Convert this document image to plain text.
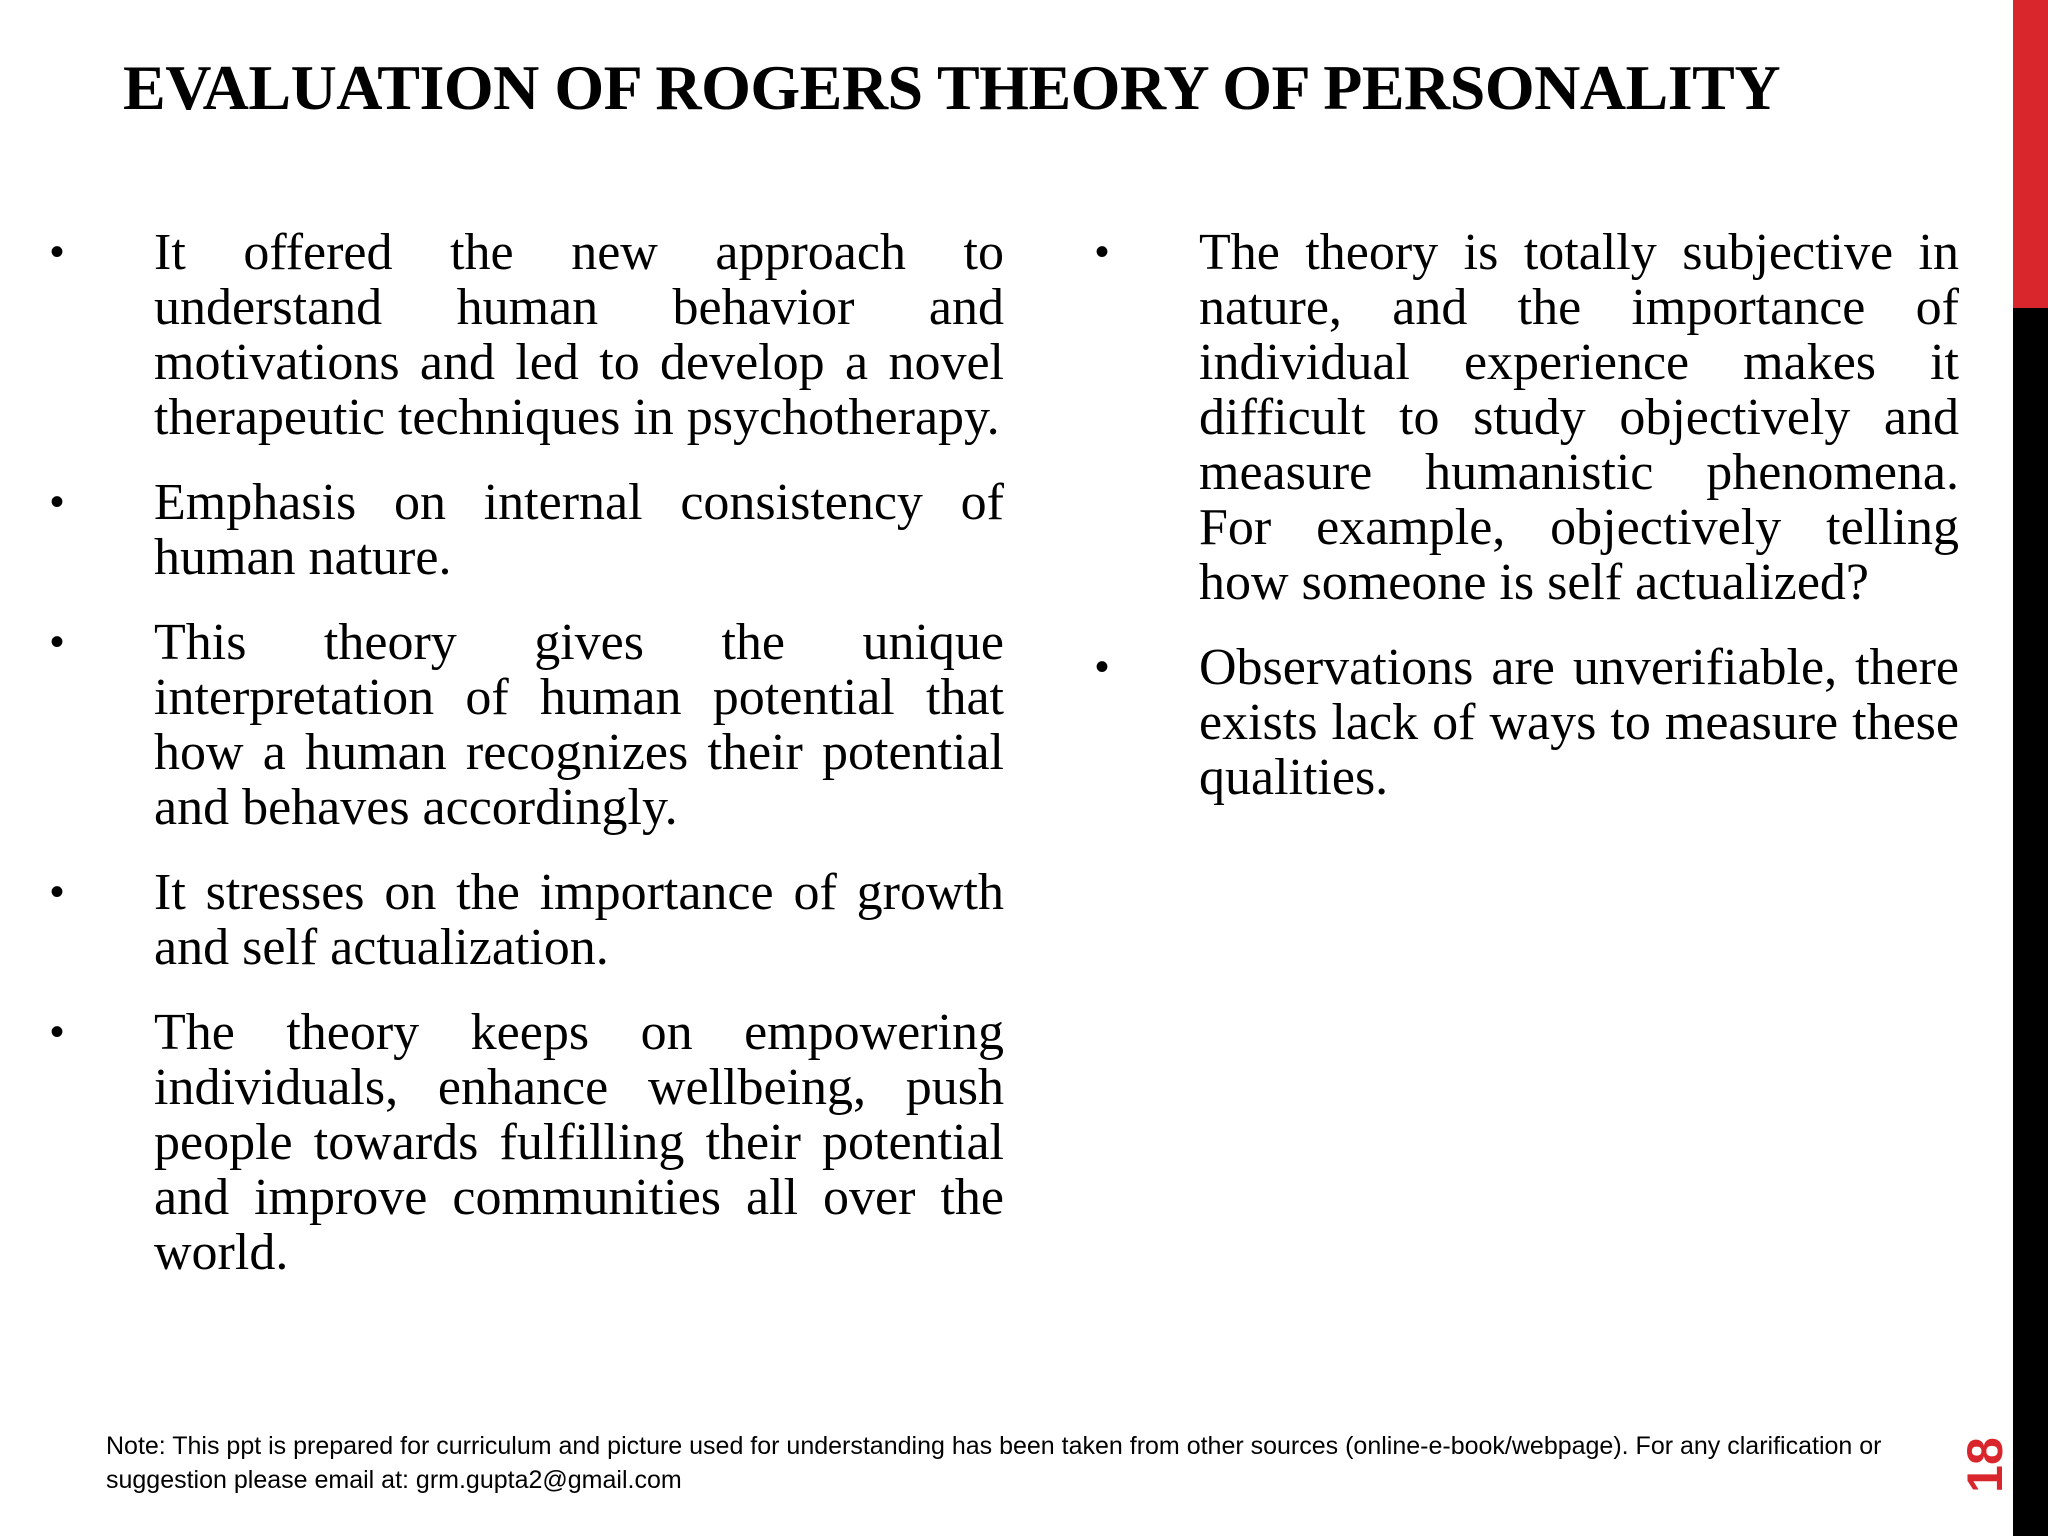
EVALUATION OF ROGERS THEORY OF PERSONALITY
• It offered the new approach to understand human behavior and motivations and led to develop a novel therapeutic techniques in psychotherapy.
• Emphasis on internal consistency of human nature.
• This theory gives the unique interpretation of human potential that how a human recognizes their potential and behaves accordingly.
• It stresses on the importance of growth and self actualization.
• The theory keeps on empowering individuals, enhance wellbeing, push people towards fulfilling their potential and improve communities all over the world.
• The theory is totally subjective in nature, and the importance of individual experience makes it difficult to study objectively and measure humanistic phenomena. For example, objectively telling how someone is self actualized?
• Observations are unverifiable, there exists lack of ways to measure these qualities.

Note: This ppt is prepared for curriculum and picture used for understanding has been taken from other sources (online-e-book/webpage). For any clarification or suggestion please email at: grm.gupta2@gmail.com	18
